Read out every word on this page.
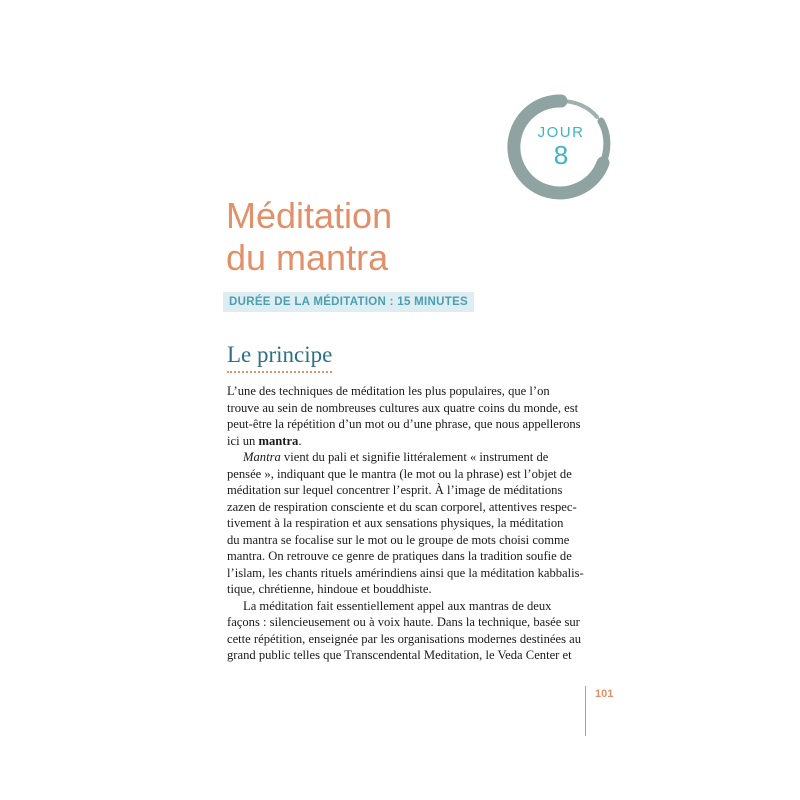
JOUR
8
Méditation
du mantra
DURÉE DE LA MÉDITATION : 15 MINUTES
Le principe
L’une des techniques de méditation les plus populaires, que l’on
trouve au sein de nombreuses cultures aux quatre coins du monde, est
peut-être la répétition d’un mot ou d’une phrase, que nous appellerons
ici un mantra.
Mantra vient du pali et signifie littéralement « instrument de
pensée », indiquant que le mantra (le mot ou la phrase) est l’objet de
méditation sur lequel concentrer l’esprit. À l’image de méditations
zazen de respiration consciente et du scan corporel, attentives respec-
tivement à la respiration et aux sensations physiques, la méditation
du mantra se focalise sur le mot ou le groupe de mots choisi comme
mantra. On retrouve ce genre de pratiques dans la tradition soufie de
l’islam, les chants rituels amérindiens ainsi que la méditation kabbalis-
tique, chrétienne, hindoue et bouddhiste.
La méditation fait essentiellement appel aux mantras de deux
façons : silencieusement ou à voix haute. Dans la technique, basée sur
cette répétition, enseignée par les organisations modernes destinées au
grand public telles que Transcendental Meditation, le Veda Center et
101
